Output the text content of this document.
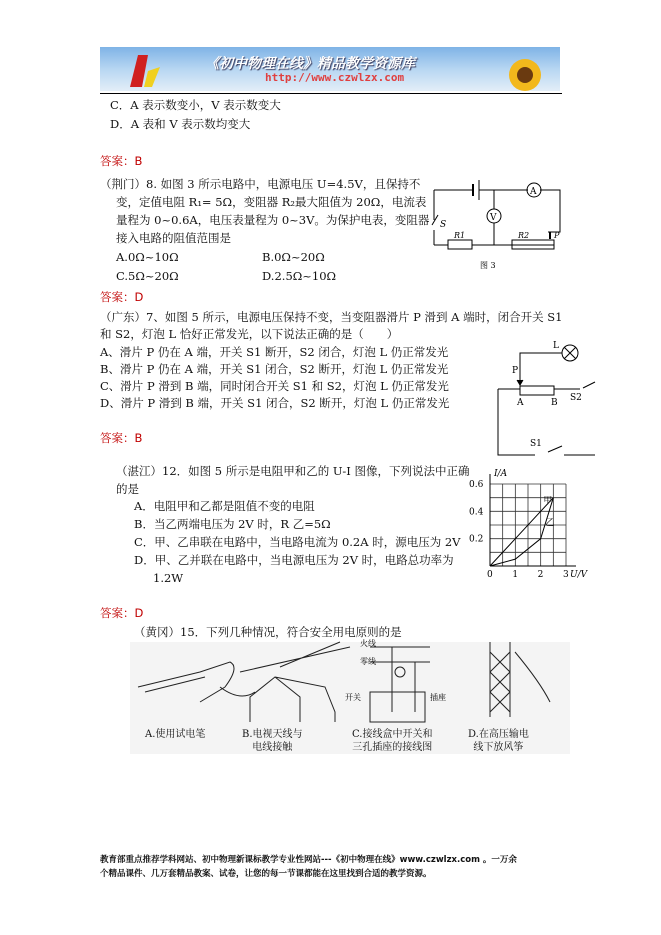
《初中物理在线》精品教学资源库
http://www.czwlzx.com
C．A 表示数变小，V 表示数变大
D．A 表和 V 表示数均变大
答案：B
（荆门）8. 如图 3 所示电路中，电源电压 U=4.5V，且保持不
变，定值电阻 R₁= 5Ω，变阻器 R₂最大阻值为 20Ω，电流表
量程为 0~0.6A，电压表量程为 0~3V。为保护电表，变阻器
接入电路的阻值范围是
A.0Ω~10Ω	B.0Ω~20Ω
C.5Ω~20Ω	D.2.5Ω~10Ω
A
V
S
R1	R2	P
图 3
答案：D
（广东）7、如图 5 所示，电源电压保持不变，当变阻器滑片 P 滑到 A 端时，闭合开关 S1
和 S2，灯泡 L 恰好正常发光，以下说法正确的是（　　）
A、滑片 P 仍在 A 端，开关 S1 断开，S2 闭合，灯泡 L 仍正常发光
B、滑片 P 仍在 A 端，开关 S1 闭合，S2 断开，灯泡 L 仍正常发光
C、滑片 P 滑到 B 端，同时闭合开关 S1 和 S2，灯泡 L 仍正常发光
D、滑片 P 滑到 B 端，开关 S1 闭合，S2 断开，灯泡 L 仍正常发光
L
P
A	B
S1
S2
答案：B
（湛江）12．如图 5 所示是电阻甲和乙的 U-I 图像，下列说法中正确
的是
A．电阻甲和乙都是阻值不变的电阻
B．当乙两端电压为 2V 时，R 乙=5Ω
C．甲、乙串联在电路中，当电路电流为 0.2A 时，源电压为 2V
D．甲、乙并联在电路中，当电源电压为 2V 时，电路总功率为
1.2W
甲
乙
0 1 2 3
0.2
0.4
0.6
I/A
U/V
答案：D
（黄冈）15．下列几种情况，符合安全用电原则的是
火线
零线
开关	插座
A.使用试电笔	B.电视天线与
电线接触
C.接线盒中开关和
三孔插座的接线图
D.在高压输电
线下放风筝
教育部重点推荐学科网站、初中物理新课标教学专业性网站---《初中物理在线》www.czwlzx.com 。一万余
个精品课件、几万套精品教案、试卷，让您的每一节课都能在这里找到合适的教学资源。
